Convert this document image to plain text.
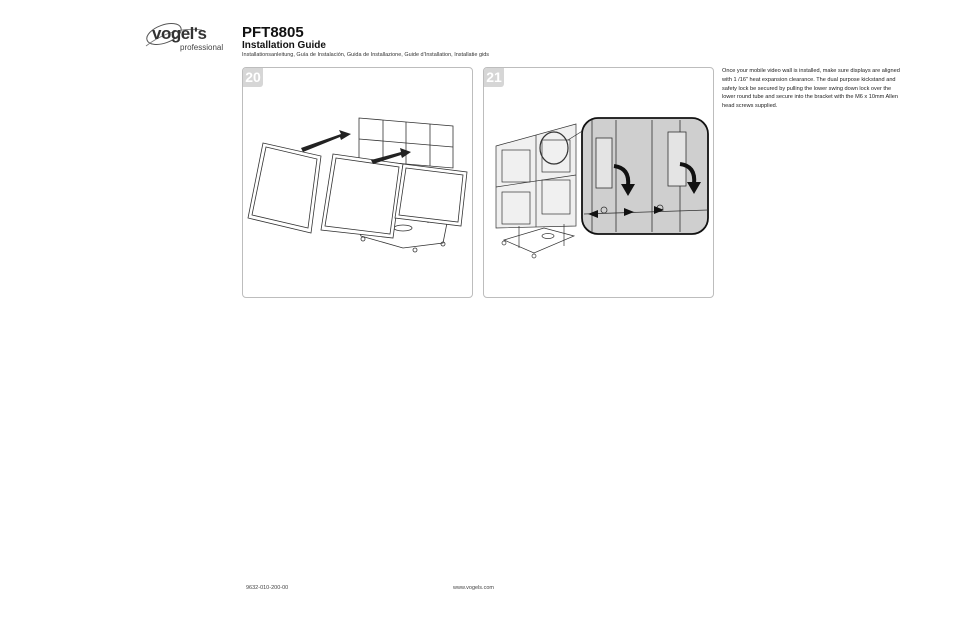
vogel's
professional
PFT8805
Installation Guide
Installationsanleitung, Guía de Instalación, Guida de Installazione, Guide d’Installation, Installatie gids
20	21	Once your mobile video wall is installed, make sure displays are aligned with 1 /16" heat expansion clearance. The dual purpose kickstand and safety lock be secured by pulling the lower swing down lock over the lower round tube and secure into the bracket with the M6 x 10mm Allen head screws supplied.
9632-010-200-00	www.vogels.com
